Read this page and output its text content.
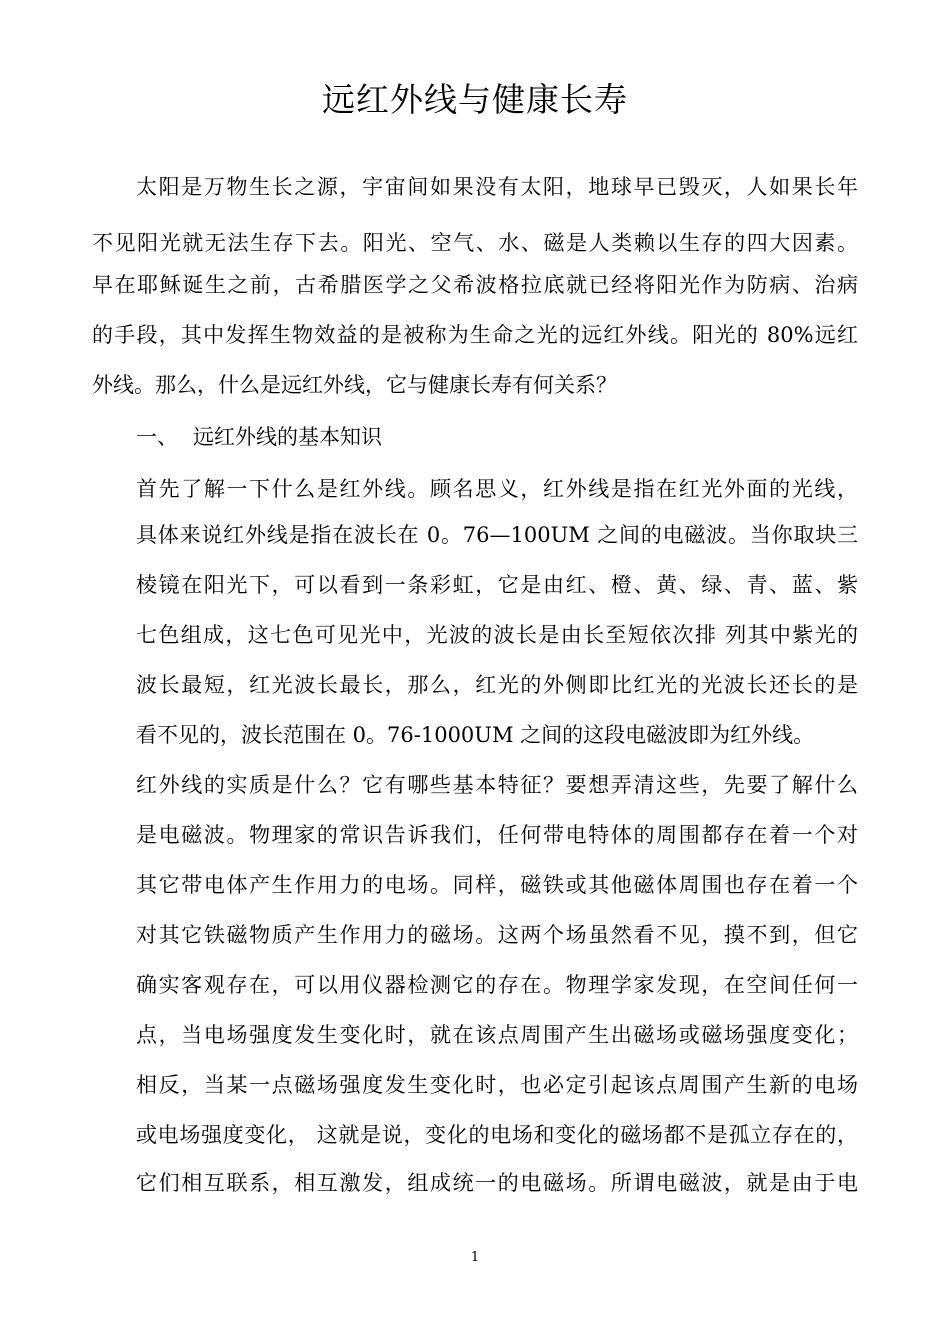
远红外线与健康长寿

太阳是万物生长之源，宇宙间如果没有太阳，地球早已毁灭，人如果长年

不见阳光就无法生存下去。阳光、空气、水、磁是人类赖以生存的四大因素。

早在耶稣诞生之前，古希腊医学之父希波格拉底就已经将阳光作为防病、治病

的手段，其中发挥生物效益的是被称为生命之光的远红外线。阳光的 80%远红

外线。那么，什么是远红外线，它与健康长寿有何关系？

一、 远红外线的基本知识

首先了解一下什么是红外线。顾名思义，红外线是指在红光外面的光线，

具体来说红外线是指在波长在 0。76—100UM 之间的电磁波。当你取块三

棱镜在阳光下，可以看到一条彩虹，它是由红、橙、黄、绿、青、蓝、紫

七色组成，这七色可见光中，光波的波长是由长至短依次排 列其中紫光的

波长最短，红光波长最长，那么，红光的外侧即比红光的光波长还长的是

看不见的，波长范围在 0。76-1000UM 之间的这段电磁波即为红外线。

红外线的实质是什么？它有哪些基本特征？要想弄清这些，先要了解什么

是电磁波。物理家的常识告诉我们，任何带电特体的周围都存在着一个对

其它带电体产生作用力的电场。同样，磁铁或其他磁体周围也存在着一个

对其它铁磁物质产生作用力的磁场。这两个场虽然看不见，摸不到，但它

确实客观存在，可以用仪器检测它的存在。物理学家发现，在空间任何一

点，当电场强度发生变化时，就在该点周围产生出磁场或磁场强度变化；

相反，当某一点磁场强度发生变化时，也必定引起该点周围产生新的电场

或电场强度变化， 这就是说，变化的电场和变化的磁场都不是孤立存在的，

它们相互联系，相互激发，组成统一的电磁场。所谓电磁波，就是由于电

1
